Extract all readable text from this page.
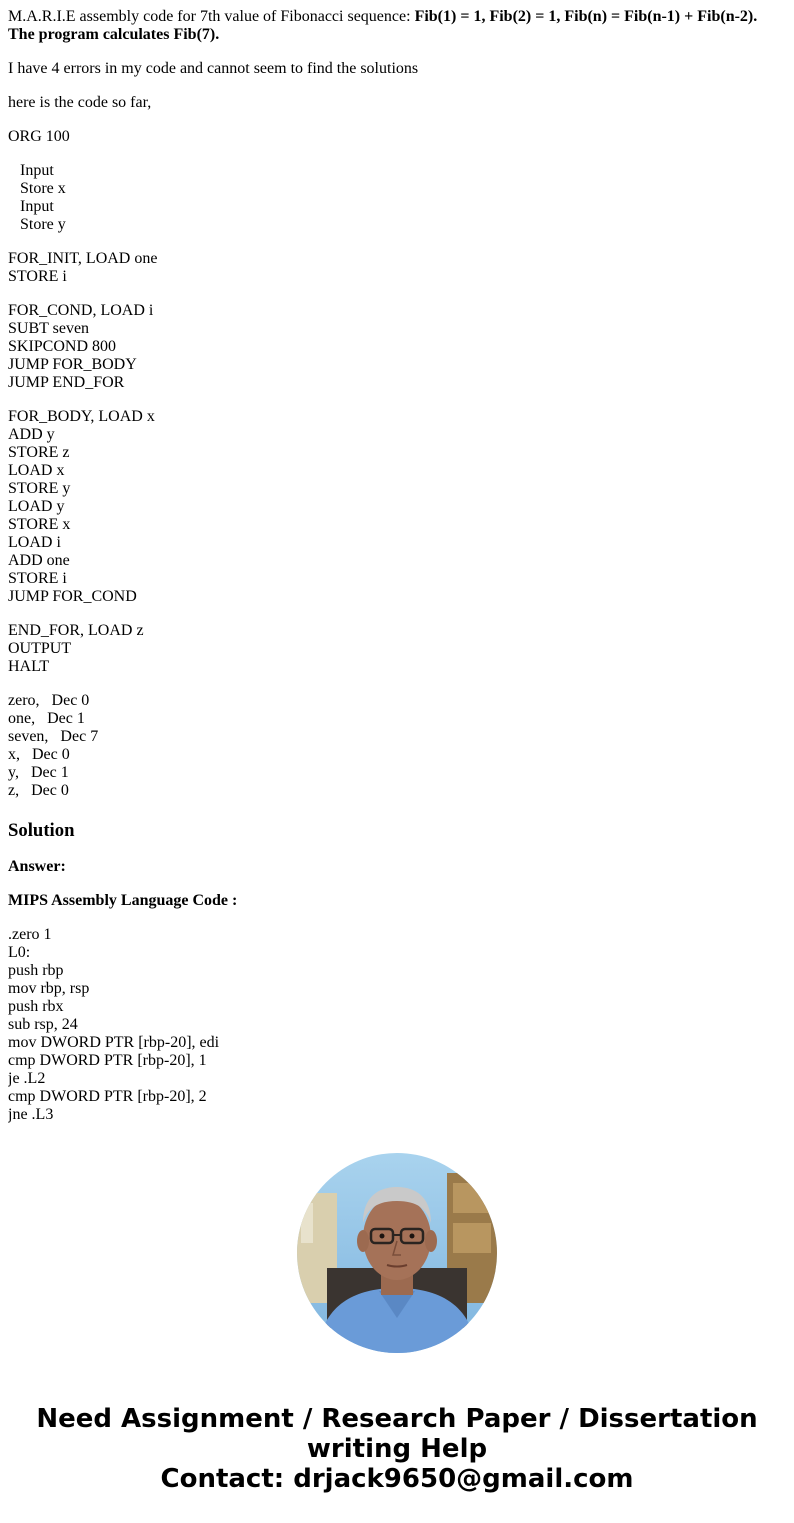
M.A.R.I.E assembly code for 7th value of Fibonacci sequence: Fib(1) = 1, Fib(2) = 1, Fib(n) = Fib(n-1) + Fib(n-2). The program calculates Fib(7).

I have 4 errors in my code and cannot seem to find the solutions

here is the code so far,

ORG 100

Input
Store x
Input
Store y
FOR_INIT, LOAD one
STORE i
FOR_COND, LOAD i
SUBT seven
SKIPCOND 800
JUMP FOR_BODY
JUMP END_FOR
FOR_BODY, LOAD x
ADD y
STORE z
LOAD x
STORE y
LOAD y
STORE x
LOAD i
ADD one
STORE i
JUMP FOR_COND
END_FOR, LOAD z
OUTPUT
HALT
zero,   Dec 0
one,   Dec 1
seven,   Dec 7
x,   Dec 0
y,   Dec 1
z,   Dec 0
Solution

Answer:

MIPS Assembly Language Code :

.zero 1
L0:
push rbp
mov rbp, rsp
push rbx
sub rsp, 24
mov DWORD PTR [rbp-20], edi
cmp DWORD PTR [rbp-20], 1
je .L2
cmp DWORD PTR [rbp-20], 2
jne .L3
Need Assignment / Research Paper / Dissertation
writing Help
Contact: drjack9650@gmail.com
